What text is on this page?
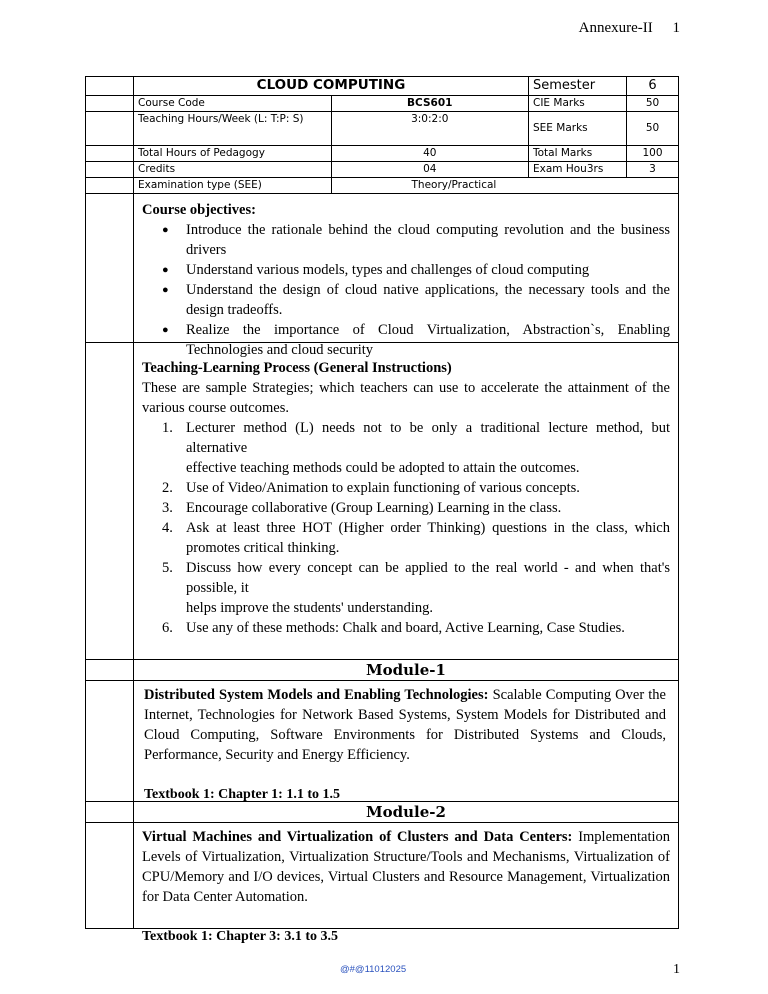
Annexure-II 1
	CLOUD COMPUTING		Semester	6
	Course Code	BCS601	CIE Marks	50
	Teaching Hours/Week (L: T:P: S)	3:0:2:0	SEE Marks	50
	Total Hours of Pedagogy	40	Total Marks	100
	Credits	04	Exam Hou3rs	3
	Examination type (SEE)	Theory/Practical		
Course objectives:
● Introduce the rationale behind the cloud computing revolution and the business drivers
● Understand various models, types and challenges of cloud computing
● Understand the design of cloud native applications, the necessary tools and the design tradeoffs.
● Realize the importance of Cloud Virtualization, Abstraction`s, Enabling Technologies and cloud security
Teaching-Learning Process (General Instructions)
These are sample Strategies; which teachers can use to accelerate the attainment of the various course outcomes.
1. Lecturer method (L) needs not to be only a traditional lecture method, but alternative
effective teaching methods could be adopted to attain the outcomes.
2. Use of Video/Animation to explain functioning of various concepts.
3. Encourage collaborative (Group Learning) Learning in the class.
4. Ask at least three HOT (Higher order Thinking) questions in the class, which promotes critical thinking.
5. Discuss how every concept can be applied to the real world - and when that's possible, it
helps improve the students' understanding.
6. Use any of these methods: Chalk and board, Active Learning, Case Studies.
Module-1
Distributed System Models and Enabling Technologies: Scalable Computing Over the Internet, Technologies for Network Based Systems, System Models for Distributed and Cloud Computing, Software Environments for Distributed Systems and Clouds, Performance, Security and Energy Efficiency.
Textbook 1: Chapter 1: 1.1 to 1.5
Module-2
Virtual Machines and Virtualization of Clusters and Data Centers: Implementation Levels of Virtualization, Virtualization Structure/Tools and Mechanisms, Virtualization of CPU/Memory and I/O devices, Virtual Clusters and Resource Management, Virtualization for Data Center Automation.
Textbook 1: Chapter 3: 3.1 to 3.5
@#@11012025	1
